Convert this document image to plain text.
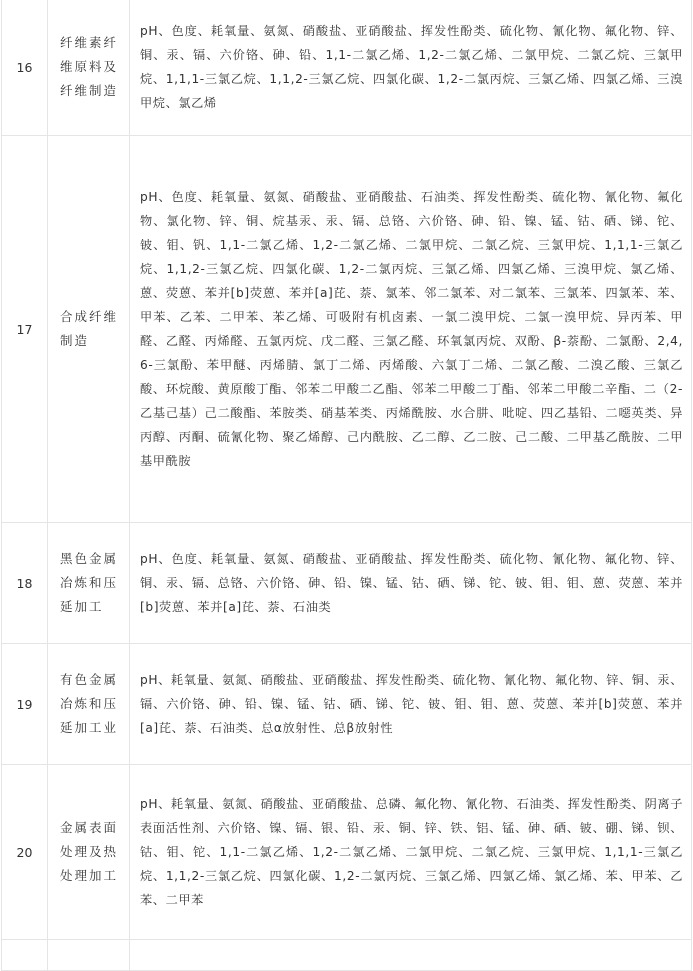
16	纤维素纤维原料及纤维制造	pH、色度、耗氧量、氨氮、硝酸盐、亚硝酸盐、挥发性酚类、硫化物、氰化物、氟化物、锌、铜、汞、镉、六价铬、砷、铅、1,1-二氯乙烯、1,2-二氯乙烯、二氯甲烷、二氯乙烷、三氯甲烷、1,1,1-三氯乙烷、1,1,2-三氯乙烷、四氯化碳、1,2-二氯丙烷、三氯乙烯、四氯乙烯、三溴甲烷、氯乙烯
17	合成纤维制造	pH、色度、耗氧量、氨氮、硝酸盐、亚硝酸盐、石油类、挥发性酚类、硫化物、氰化物、氟化物、氯化物、锌、铜、烷基汞、汞、镉、总铬、六价铬、砷、铅、镍、锰、钴、硒、锑、铊、铍、钼、钒、1,1-二氯乙烯、1,2-二氯乙烯、二氯甲烷、二氯乙烷、三氯甲烷、1,1,1-三氯乙烷、1,1,2-三氯乙烷、四氯化碳、1,2-二氯丙烷、三氯乙烯、四氯乙烯、三溴甲烷、氯乙烯、蒽、荧蒽、苯并[b]荧蒽、苯并[a]芘、萘、氯苯、邻二氯苯、对二氯苯、三氯苯、四氯苯、苯、甲苯、乙苯、二甲苯、苯乙烯、可吸附有机卤素、一氯二溴甲烷、二氯一溴甲烷、异丙苯、甲醛、乙醛、丙烯醛、五氯丙烷、戊二醛、三氯乙醛、环氧氯丙烷、双酚、β-萘酚、二氯酚、2,4,6-三氯酚、苯甲醚、丙烯腈、氯丁二烯、丙烯酸、六氯丁二烯、二氯乙酸、二溴乙酸、三氯乙酸、环烷酸、黄原酸丁酯、邻苯二甲酸二乙酯、邻苯二甲酸二丁酯、邻苯二甲酸二辛酯、二（2-乙基己基）己二酸酯、苯胺类、硝基苯类、丙烯酰胺、水合肼、吡啶、四乙基铅、二噁英类、异丙醇、丙酮、硫氰化物、聚乙烯醇、己内酰胺、乙二醇、乙二胺、己二酸、二甲基乙酰胺、二甲基甲酰胺
18	黑色金属冶炼和压延加工	pH、色度、耗氧量、氨氮、硝酸盐、亚硝酸盐、挥发性酚类、硫化物、氰化物、氟化物、锌、铜、汞、镉、总铬、六价铬、砷、铅、镍、锰、钴、硒、锑、铊、铍、钼、钼、蒽、荧蒽、苯并[b]荧蒽、苯并[a]芘、萘、石油类
19	有色金属冶炼和压延加工业	pH、耗氧量、氨氮、硝酸盐、亚硝酸盐、挥发性酚类、硫化物、氰化物、氟化物、锌、铜、汞、镉、六价铬、砷、铅、镍、锰、钴、硒、锑、铊、铍、钼、钼、蒽、荧蒽、苯并[b]荧蒽、苯并[a]芘、萘、石油类、总α放射性、总β放射性
20	金属表面处理及热处理加工	pH、耗氧量、氨氮、硝酸盐、亚硝酸盐、总磷、氟化物、氰化物、石油类、挥发性酚类、阴离子表面活性剂、六价铬、镍、镉、银、铅、汞、铜、锌、铁、铝、锰、砷、硒、铍、硼、锑、钡、钴、钼、铊、1,1-二氯乙烯、1,2-二氯乙烯、二氯甲烷、二氯乙烷、三氯甲烷、1,1,1-三氯乙烷、1,1,2-三氯乙烷、四氯化碳、1,2-二氯丙烷、三氯乙烯、四氯乙烯、氯乙烯、苯、甲苯、乙苯、二甲苯
